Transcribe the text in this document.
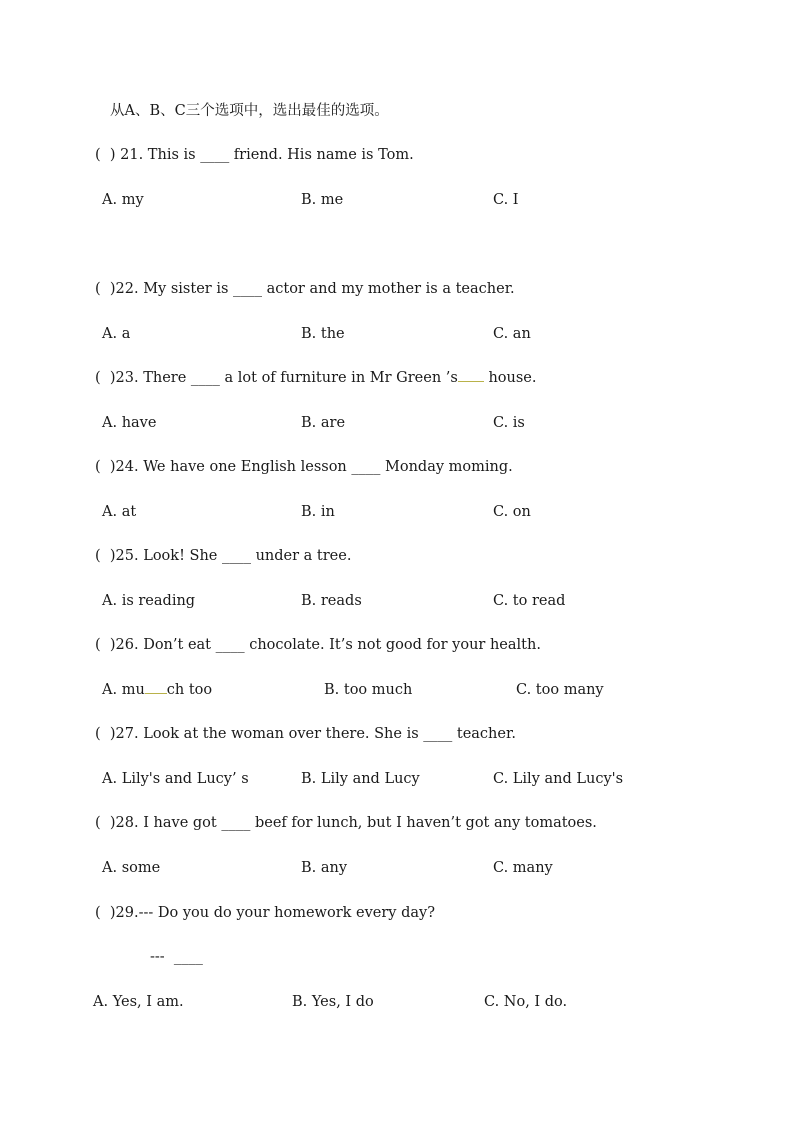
从A、B、C三个选项中，选出最佳的选项。
(  ) 21. This is ____ friend. His name is Tom.
A. my	B. me	C. I
(  )22. My sister is ____ actor and my mother is a teacher.
A. a	B. the	C. an
(  )23. There ____ a lot of furniture in Mr Green ’s house.
A. have	B. are	C. is
(  )24. We have one English lesson ____ Monday moming.
A. at	B. in	C. on
(  )25. Look! She ____ under a tree.
A. is reading	B. reads	C. to read
(  )26. Don’t eat ____ chocolate. It’s not good for your health.
A. mu ch too	B. too much	C. too many
(  )27. Look at the woman over there. She is ____ teacher.
A. Lily's and Lucy’ s	B. Lily and Lucy	C. Lily and Lucy's
(  )28. I have got ____ beef for lunch, but I haven’t got any tomatoes.
A. some	B. any	C. many
(  )29.--- Do you do your homework every day?
---  ____
A. Yes, I am.	B. Yes, I do	C. No, I do.
